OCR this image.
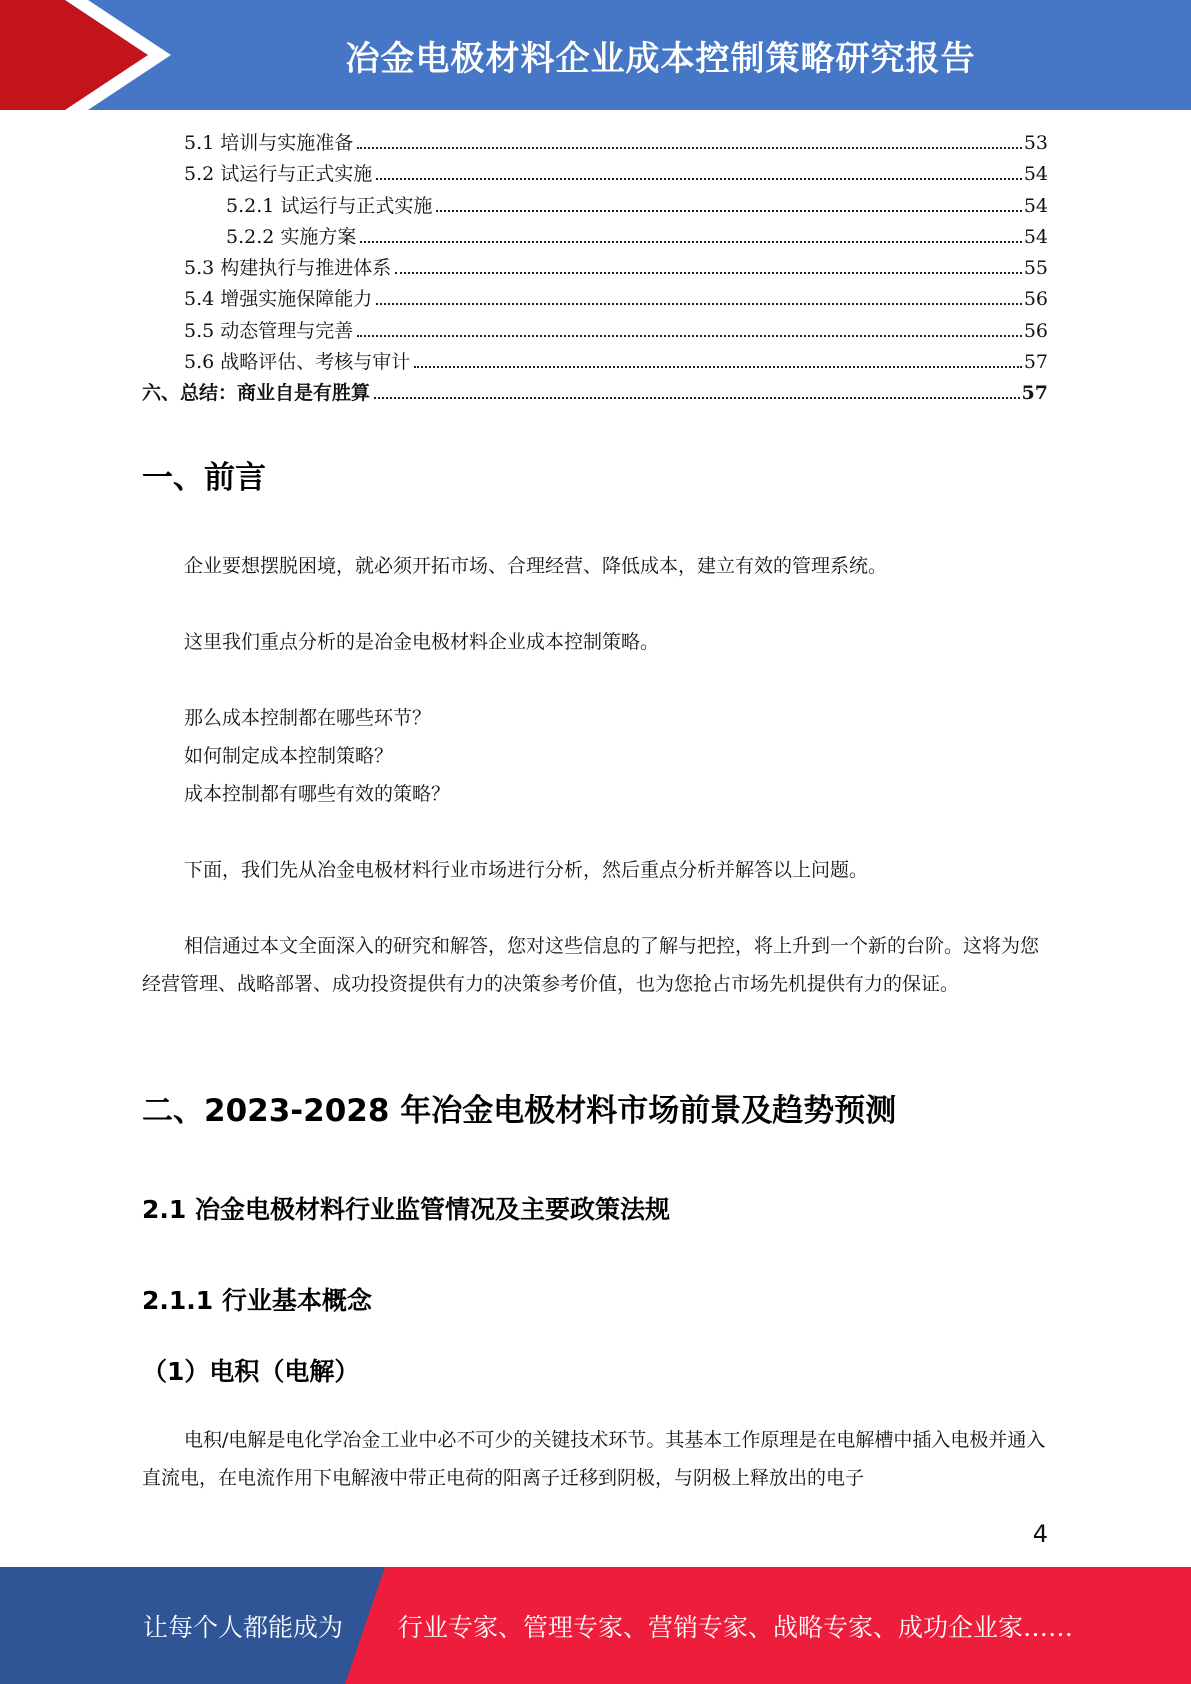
冶金电极材料企业成本控制策略研究报告
5.1 培训与实施准备	53
5.2 试运行与正式实施	54
5.2.1 试运行与正式实施	54
5.2.2 实施方案	54
5.3 构建执行与推进体系	55
5.4 增强实施保障能力	56
5.5 动态管理与完善	56
5.6 战略评估、考核与审计	57
六、总结：商业自是有胜算	57
一、前言

企业要想摆脱困境，就必须开拓市场、合理经营、降低成本，建立有效的管理系统。

这里我们重点分析的是冶金电极材料企业成本控制策略。

那么成本控制都在哪些环节？

如何制定成本控制策略？

成本控制都有哪些有效的策略？

下面，我们先从冶金电极材料行业市场进行分析，然后重点分析并解答以上问题。

相信通过本文全面深入的研究和解答，您对这些信息的了解与把控，将上升到一个新的台阶。这将为您经营管理、战略部署、成功投资提供有力的决策参考价值，也为您抢占市场先机提供有力的保证。

二、2023-2028 年冶金电极材料市场前景及趋势预测
2.1 冶金电极材料行业监管情况及主要政策法规
2.1.1 行业基本概念
（1）电积（电解）

电积/电解是电化学冶金工业中必不可少的关键技术环节。其基本工作原理是在电解槽中插入电极并通入直流电，在电流作用下电解液中带正电荷的阳离子迁移到阴极，与阴极上释放出的电子

4
让每个人都能成为 行业专家、管理专家、营销专家、战略专家、成功企业家……
